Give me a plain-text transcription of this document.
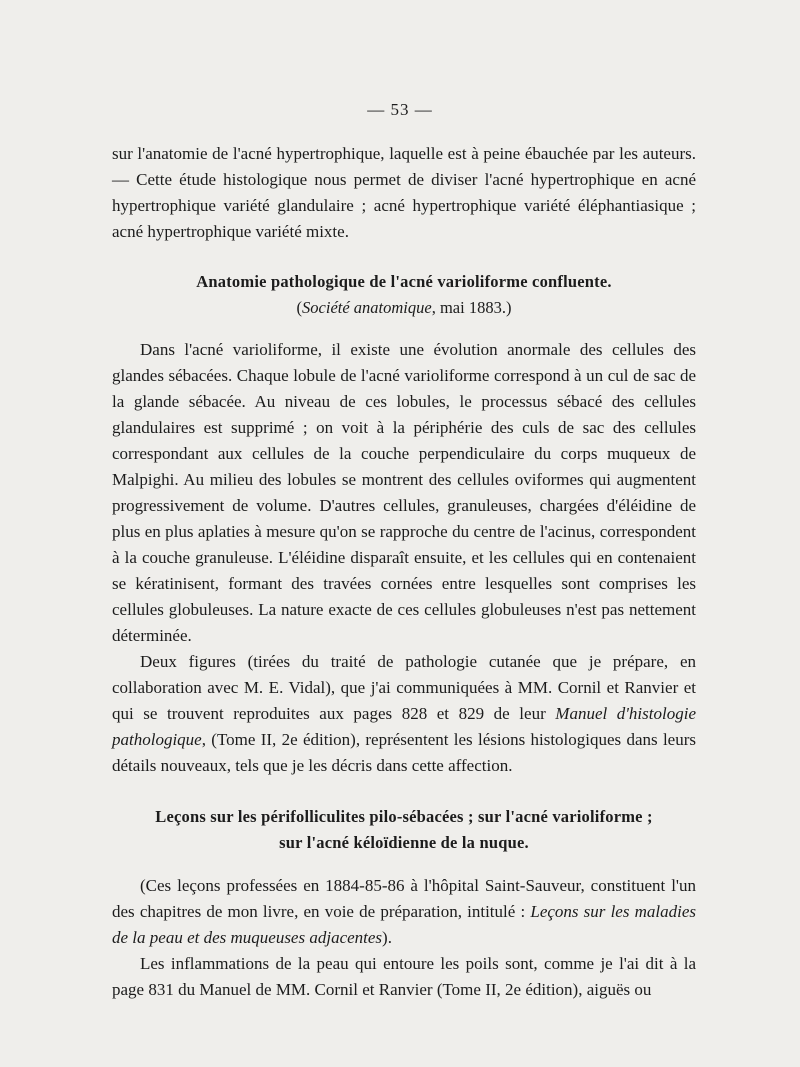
— 53 —

sur l'anatomie de l'acné hypertrophique, laquelle est à peine ébauchée par les auteurs. — Cette étude histologique nous permet de diviser l'acné hypertrophique en acné hypertrophique variété glandulaire ; acné hypertrophique variété éléphantiasique ; acné hypertrophique variété mixte.

Anatomie pathologique de l'acné varioliforme confluente.
(Société anatomique, mai 1883.)

Dans l'acné varioliforme, il existe une évolution anormale des cellules des glandes sébacées. Chaque lobule de l'acné varioliforme correspond à un cul de sac de la glande sébacée. Au niveau de ces lobules, le processus sébacé des cellules glandulaires est supprimé ; on voit à la périphérie des culs de sac des cellules correspondant aux cellules de la couche perpendiculaire du corps muqueux de Malpighi. Au milieu des lobules se montrent des cellules oviformes qui augmentent progressivement de volume. D'autres cellules, granuleuses, chargées d'éléidine de plus en plus aplaties à mesure qu'on se rapproche du centre de l'acinus, correspondent à la couche granuleuse. L'éléidine disparaît ensuite, et les cellules qui en contenaient se kératinisent, formant des travées cornées entre lesquelles sont comprises les cellules globuleuses. La nature exacte de ces cellules globuleuses n'est pas nettement déterminée.

Deux figures (tirées du traité de pathologie cutanée que je prépare, en collaboration avec M. E. Vidal), que j'ai communiquées à MM. Cornil et Ranvier et qui se trouvent reproduites aux pages 828 et 829 de leur Manuel d'histologie pathologique, (Tome II, 2e édition), représentent les lésions histologiques dans leurs détails nouveaux, tels que je les décris dans cette affection.

Leçons sur les périfolliculites pilo-sébacées ; sur l'acné varioliforme ;
sur l'acné kéloïdienne de la nuque.

(Ces leçons professées en 1884-85-86 à l'hôpital Saint-Sauveur, constituent l'un des chapitres de mon livre, en voie de préparation, intitulé : Leçons sur les maladies de la peau et des muqueuses adjacentes).

Les inflammations de la peau qui entoure les poils sont, comme je l'ai dit à la page 831 du Manuel de MM. Cornil et Ranvier (Tome II, 2e édition), aiguës ou
